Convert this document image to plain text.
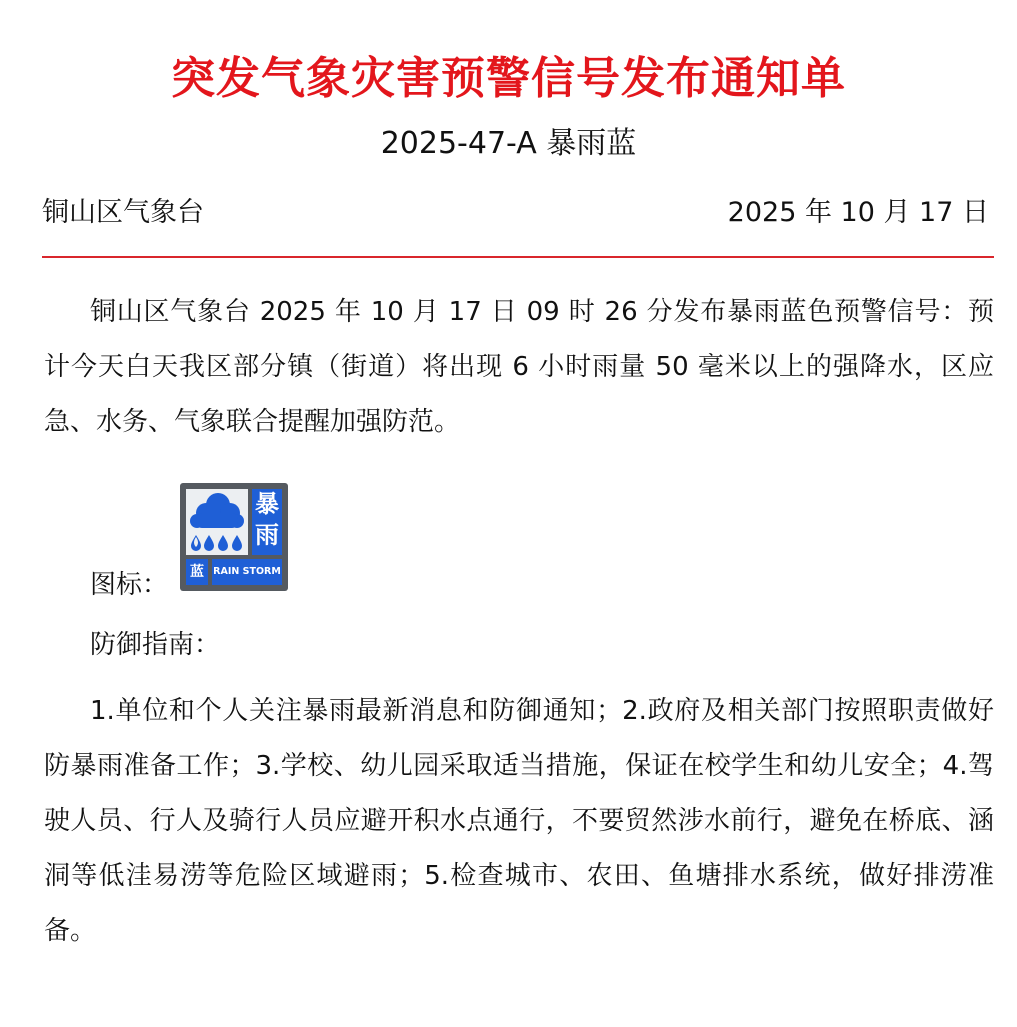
突发气象灾害预警信号发布通知单
2025-47-A 暴雨蓝
铜山区气象台	2025 年 10 月 17 日

铜山区气象台 2025 年 10 月 17 日 09 时 26 分发布暴雨蓝色预警信号：预计今天白天我区部分镇（街道）将出现 6 小时雨量 50 毫米以上的强降水，区应急、水务、气象联合提醒加强防范。

图标：
暴
雨
蓝 RAIN STORM
防御指南：

1.单位和个人关注暴雨最新消息和防御通知；2.政府及相关部门按照职责做好防暴雨准备工作；3.学校、幼儿园采取适当措施，保证在校学生和幼儿安全；4.驾驶人员、行人及骑行人员应避开积水点通行，不要贸然涉水前行，避免在桥底、涵洞等低洼易涝等危险区域避雨；5.检查城市、农田、鱼塘排水系统，做好排涝准备。
